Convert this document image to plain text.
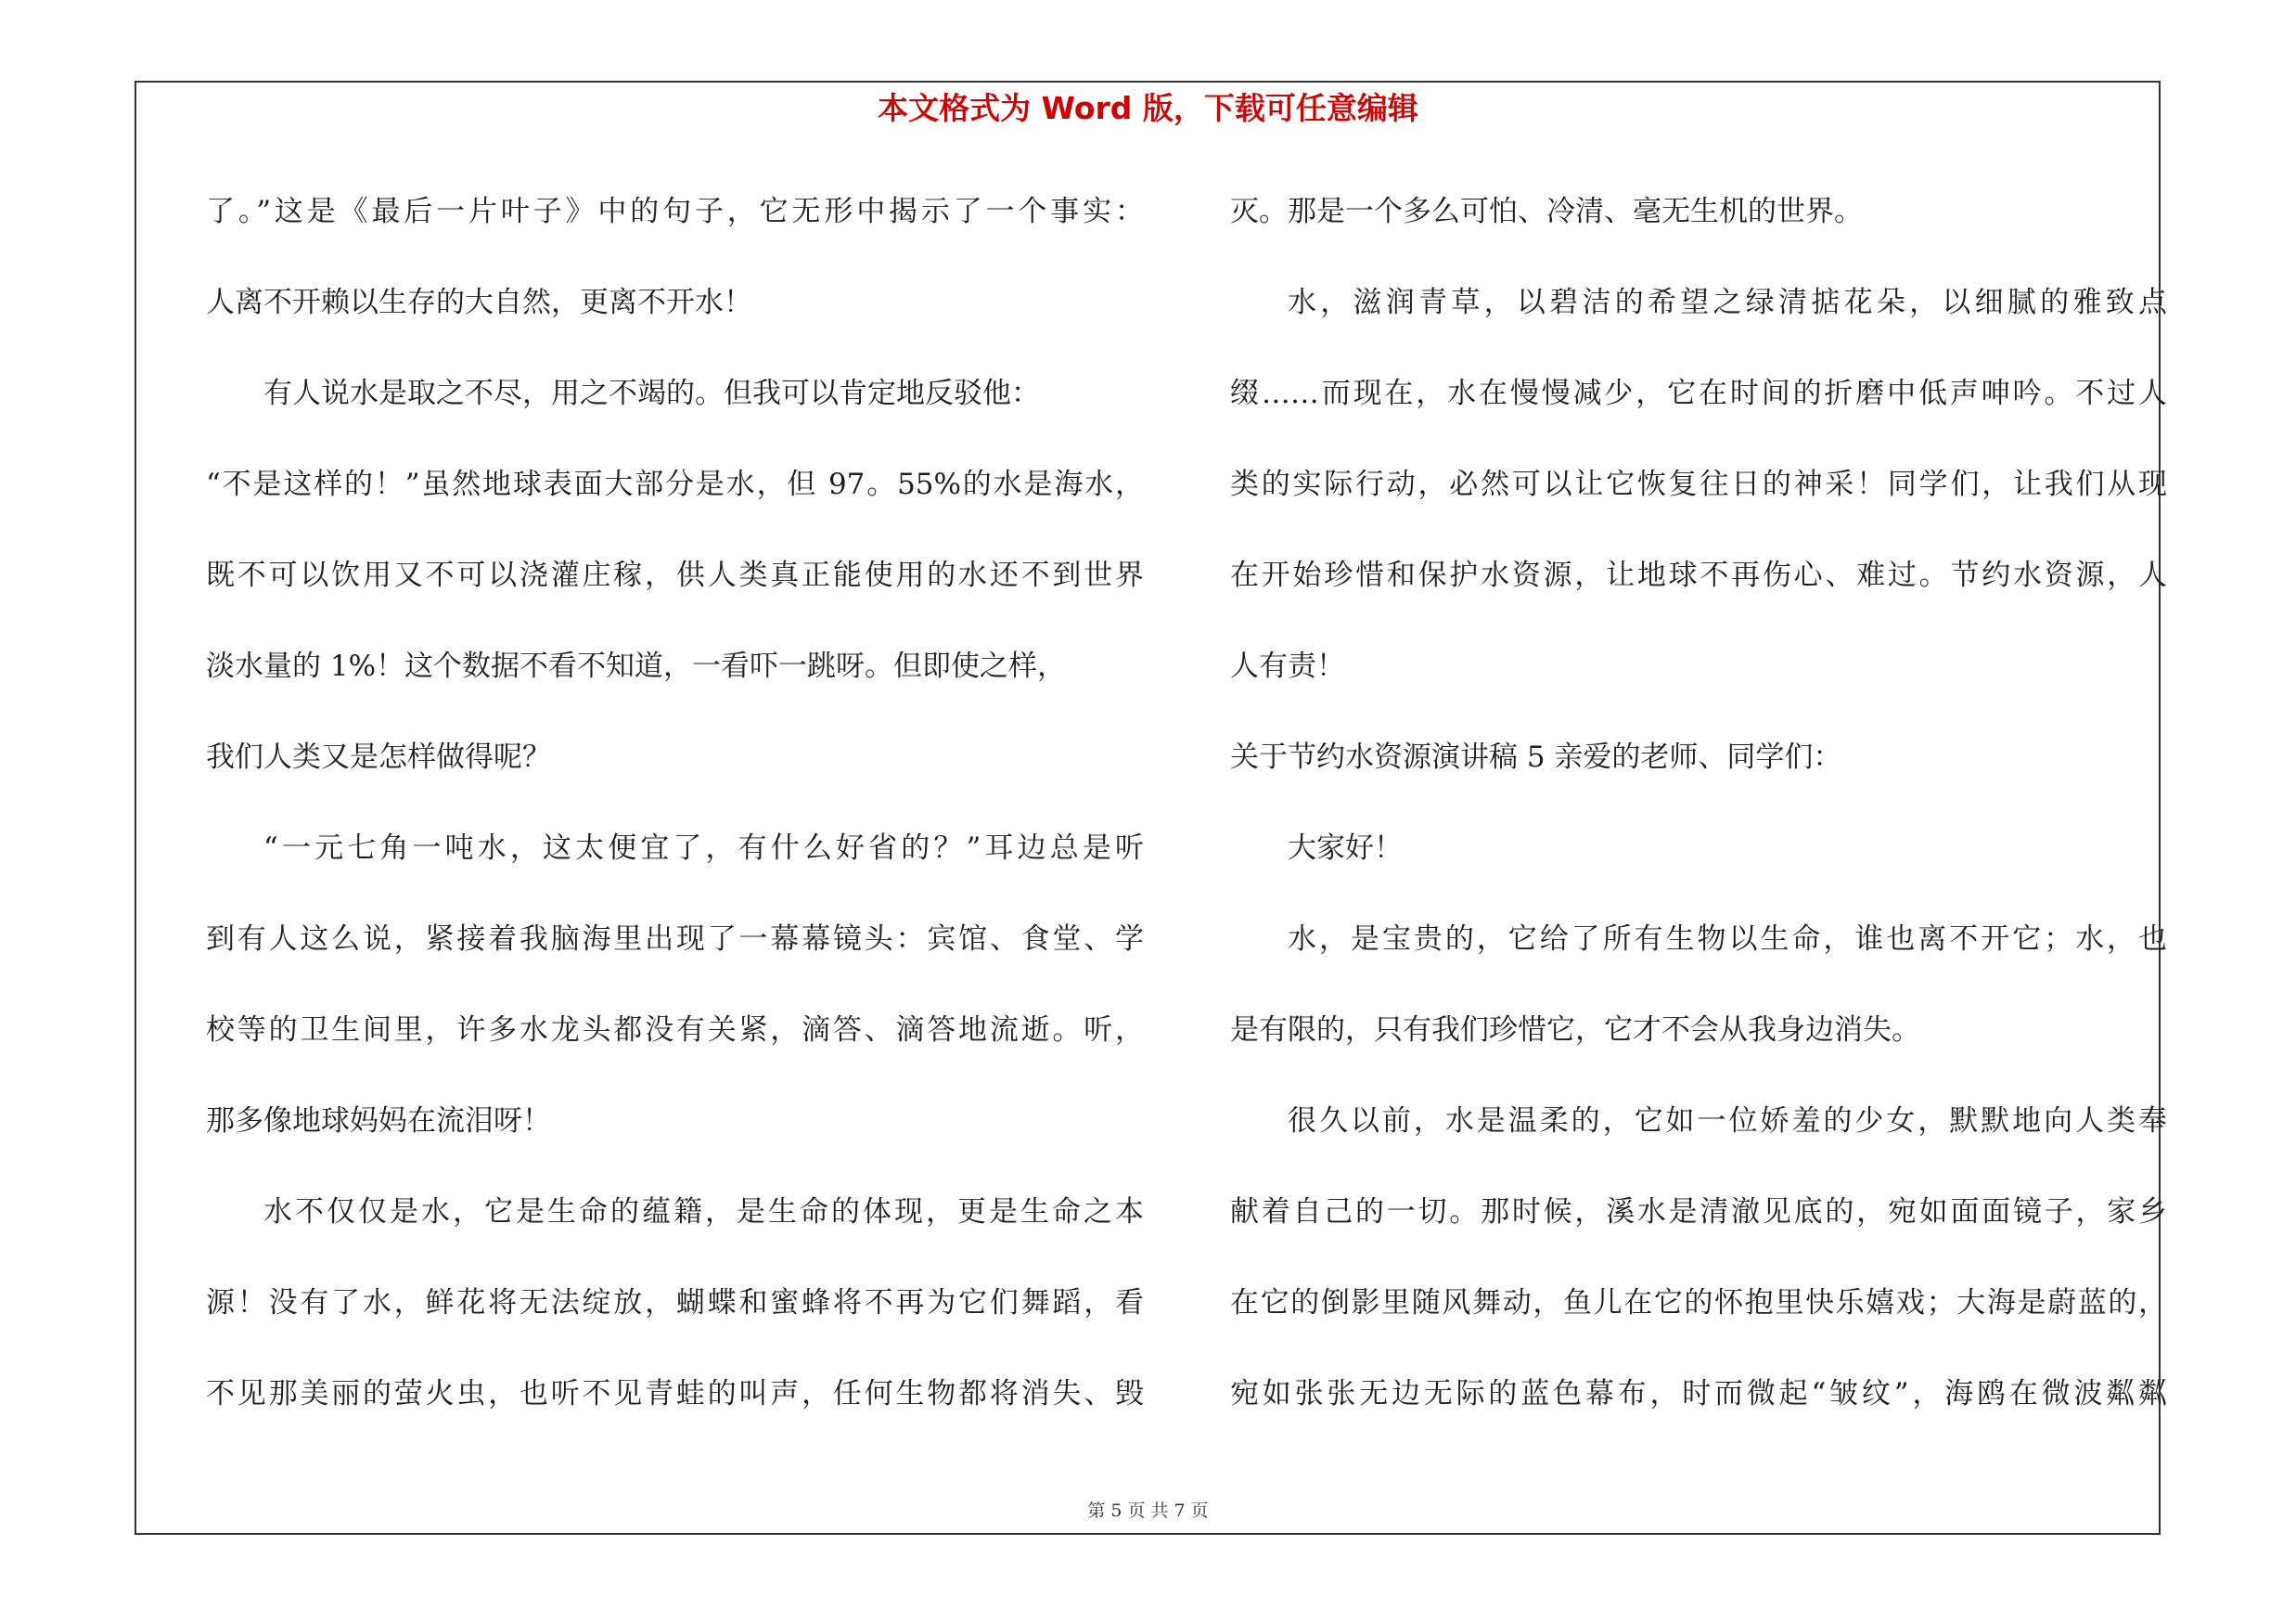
本文格式为 Word 版，下载可任意编辑
了。”这是《最后一片叶子》中的句子，它无形中揭示了一个事实：
人离不开赖以生存的大自然，更离不开水！
有人说水是取之不尽，用之不竭的。但我可以肯定地反驳他：
“不是这样的！”虽然地球表面大部分是水，但 97。55%的水是海水，
既不可以饮用又不可以浇灌庄稼，供人类真正能使用的水还不到世界
淡水量的 1%！这个数据不看不知道，一看吓一跳呀。但即使之样，
我们人类又是怎样做得呢？
“一元七角一吨水，这太便宜了，有什么好省的？”耳边总是听
到有人这么说，紧接着我脑海里出现了一幕幕镜头：宾馆、食堂、学
校等的卫生间里，许多水龙头都没有关紧，滴答、滴答地流逝。听，
那多像地球妈妈在流泪呀！
水不仅仅是水，它是生命的蕴籍，是生命的体现，更是生命之本
源！没有了水，鲜花将无法绽放，蝴蝶和蜜蜂将不再为它们舞蹈，看
不见那美丽的萤火虫，也听不见青蛙的叫声，任何生物都将消失、毁
灭。那是一个多么可怕、冷清、毫无生机的世界。
水，滋润青草，以碧洁的希望之绿清掂花朵，以细腻的雅致点
缀……而现在，水在慢慢减少，它在时间的折磨中低声呻吟。不过人
类的实际行动，必然可以让它恢复往日的神采！同学们，让我们从现
在开始珍惜和保护水资源，让地球不再伤心、难过。节约水资源，人
人有责！
关于节约水资源演讲稿 5 亲爱的老师、同学们：
大家好！
水，是宝贵的，它给了所有生物以生命，谁也离不开它；水，也
是有限的，只有我们珍惜它，它才不会从我身边消失。
很久以前，水是温柔的，它如一位娇羞的少女，默默地向人类奉
献着自己的一切。那时候，溪水是清澈见底的，宛如面面镜子，家乡
在它的倒影里随风舞动，鱼儿在它的怀抱里快乐嬉戏；大海是蔚蓝的，
宛如张张无边无际的蓝色幕布，时而微起“皱纹”，海鸥在微波粼粼
第 5 页 共 7 页
